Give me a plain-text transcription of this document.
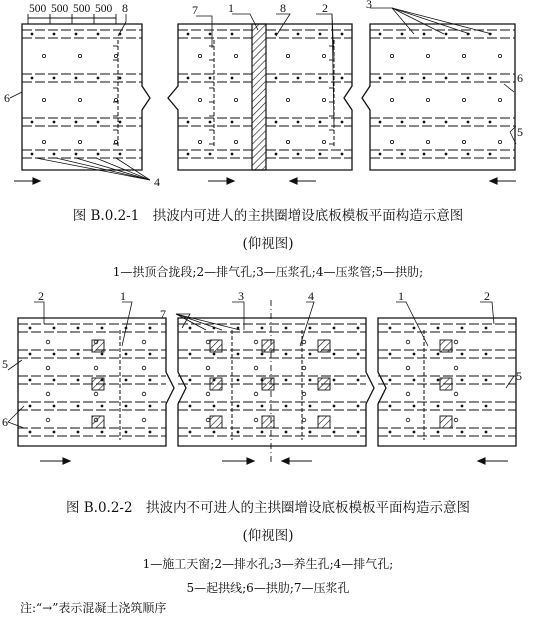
500 500 500 500 8	7	1	8	2	3
6
6
5
4
图 B.0.2-1　拱波内可进人的主拱圈增设底板模板平面构造示意图
(仰视图)
1—拱顶合拢段;2—排气孔;3—压浆孔;4—压浆管;5—拱肋;
2	1
7
3	4	1	2
5
6
5
图 B.0.2-2　拱波内不可进人的主拱圈增设底板模板平面构造示意图
(仰视图)
1—施工天窗;2—排水孔;3—养生孔;4—排气孔;
5—起拱线;6—拱肋;7—压浆孔
注:“→”表示混凝土浇筑顺序
